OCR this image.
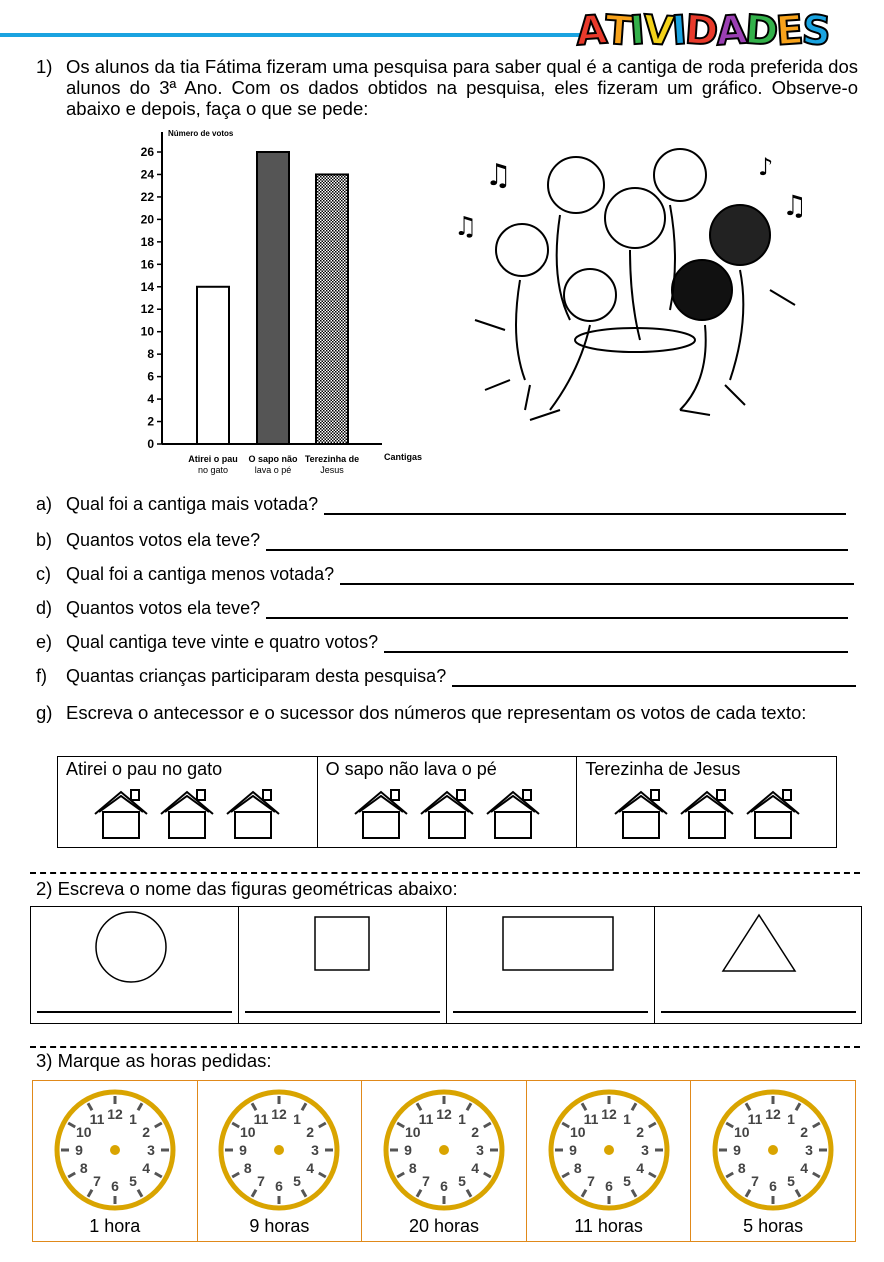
ATIVIDADES
1) Os alunos da tia Fátima fizeram uma pesquisa para saber qual é a cantiga de roda preferida dos alunos do 3ª Ano. Com os dados obtidos na pesquisa, eles fizeram um gráfico. Observe-o abaixo e depois, faça o que se pede:
Número de votos
Cantigas
0
2
4
6
8
10
12
14
16
18
20
22
24
26
Atirei o pau
no gato
O sapo não
lava o pé
Terezinha de
Jesus
♫
♫
♪
♫
a) Qual foi a cantiga mais votada?
b) Quantos votos ela teve?
c) Qual foi a cantiga menos votada?
d) Quantos votos ela teve?
e) Qual cantiga teve vinte e quatro votos?
f)	Quantas crianças participaram desta pesquisa?
g) Escreva o antecessor e o sucessor dos números que representam os votos de cada texto:
Atirei o pau no gato	O sapo não lava o pé	Terezinha de Jesus
2) Escreva o nome das figuras geométricas abaixo:
3) Marque as horas pedidas:
12 1
2
3
4
5
6
7
8
9
10
11
1 hora
12 1
2
3
4
5
6
7
8
9
10
11
9 horas
12 1
2
3
4
5
6
7
8
9
10
11
20 horas
12 1
2
3
4
5
6
7
8
9
10
11
11 horas
12 1
2
3
4
5
6
7
8
9
10
11
5 horas
